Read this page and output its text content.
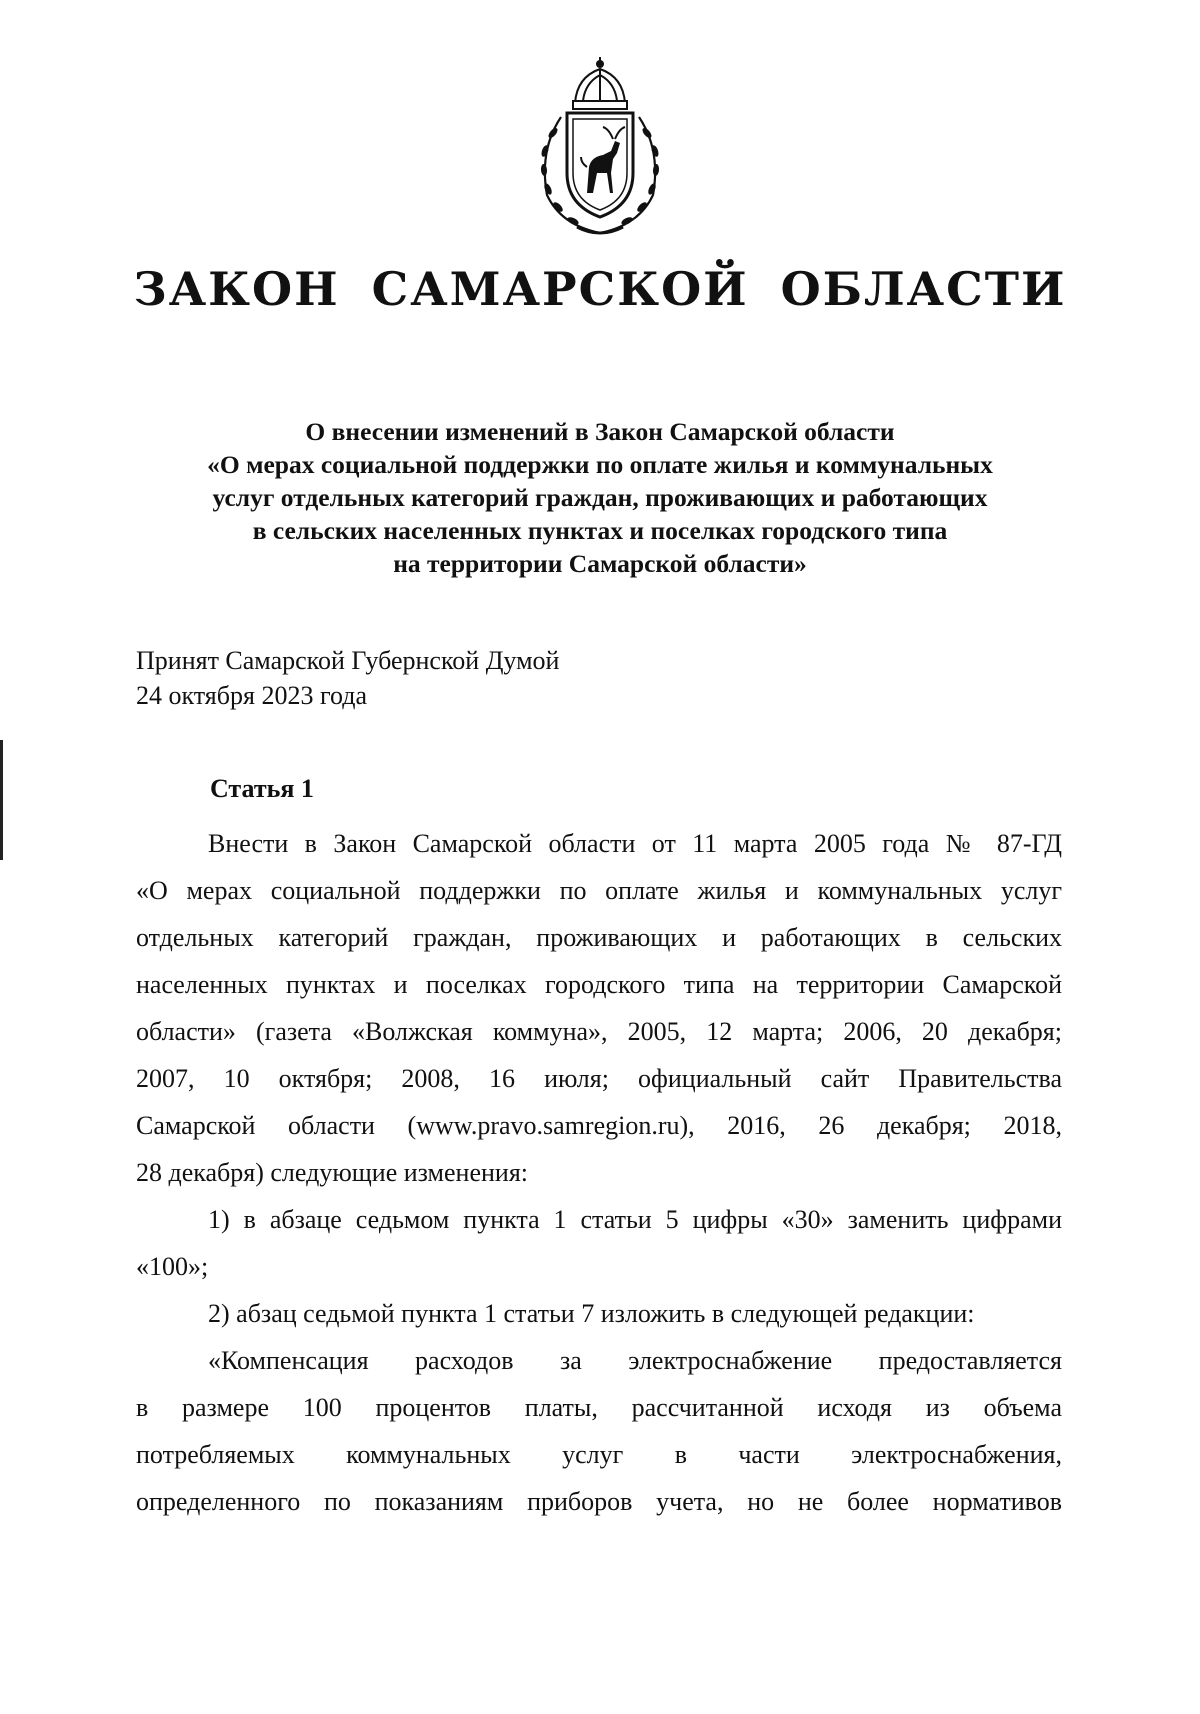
ЗАКОН САМАРСКОЙ ОБЛАСТИ
О внесении изменений в Закон Самарской области
«О мерах социальной поддержки по оплате жилья и коммунальных
услуг отдельных категорий граждан, проживающих и работающих
в сельских населенных пунктах и поселках городского типа
на территории Самарской области»
Принят Самарской Губернской Думой
24 октября 2023 года
Статья 1
Внести в Закон Самарской области от 11 марта 2005 года № 87-ГД
«О мерах социальной поддержки по оплате жилья и коммунальных услуг
отдельных категорий граждан, проживающих и работающих в сельских
населенных пунктах и поселках городского типа на территории Самарской
области» (газета «Волжская коммуна», 2005, 12 марта; 2006, 20 декабря;
2007, 10 октября; 2008, 16 июля; официальный сайт Правительства
Самарской области (www.pravo.samregion.ru), 2016, 26 декабря; 2018,
28 декабря) следующие изменения:
1) в абзаце седьмом пункта 1 статьи 5 цифры «30» заменить цифрами
«100»;
2) абзац седьмой пункта 1 статьи 7 изложить в следующей редакции:
«Компенсация расходов за электроснабжение предоставляется
в размере 100 процентов платы, рассчитанной исходя из объема
потребляемых коммунальных услуг в части электроснабжения,
определенного по показаниям приборов учета, но не более нормативов
